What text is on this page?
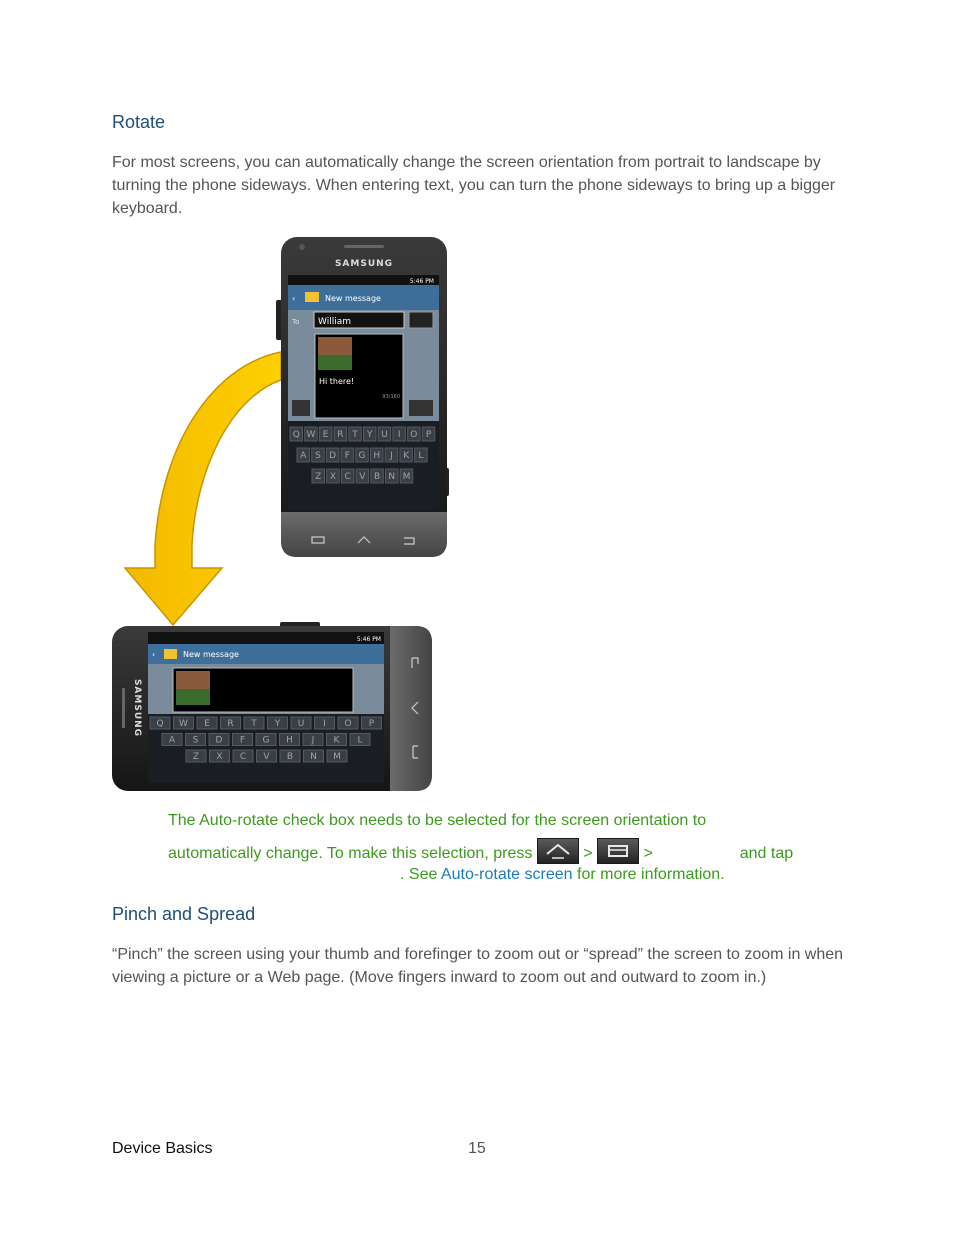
Rotate

For most screens, you can automatically change the screen orientation from portrait to landscape by turning the phone sideways. When entering text, you can turn the phone sideways to bring up a bigger keyboard.

SAMSUNG
5:46 PM
‹	New message
To William
Hi there!
93/160
Q W E R T Y U I O P
A S D F G H J K L
Z X C V B N M
SAMSUNG
5:46 PM
‹	New message
Q W E R T Y U I O P
A S D F G H J K L
Z X C V B N M
The Auto-rotate check box needs to be selected for the screen orientation to
automatically change. To make this selection, press	>	>	and tap
. See Auto-rotate screen for more information.
Pinch and Spread

“Pinch” the screen using your thumb and forefinger to zoom out or “spread” the screen to zoom in when viewing a picture or a Web page. (Move fingers inward to zoom out and outward to zoom in.)

Device Basics	15
